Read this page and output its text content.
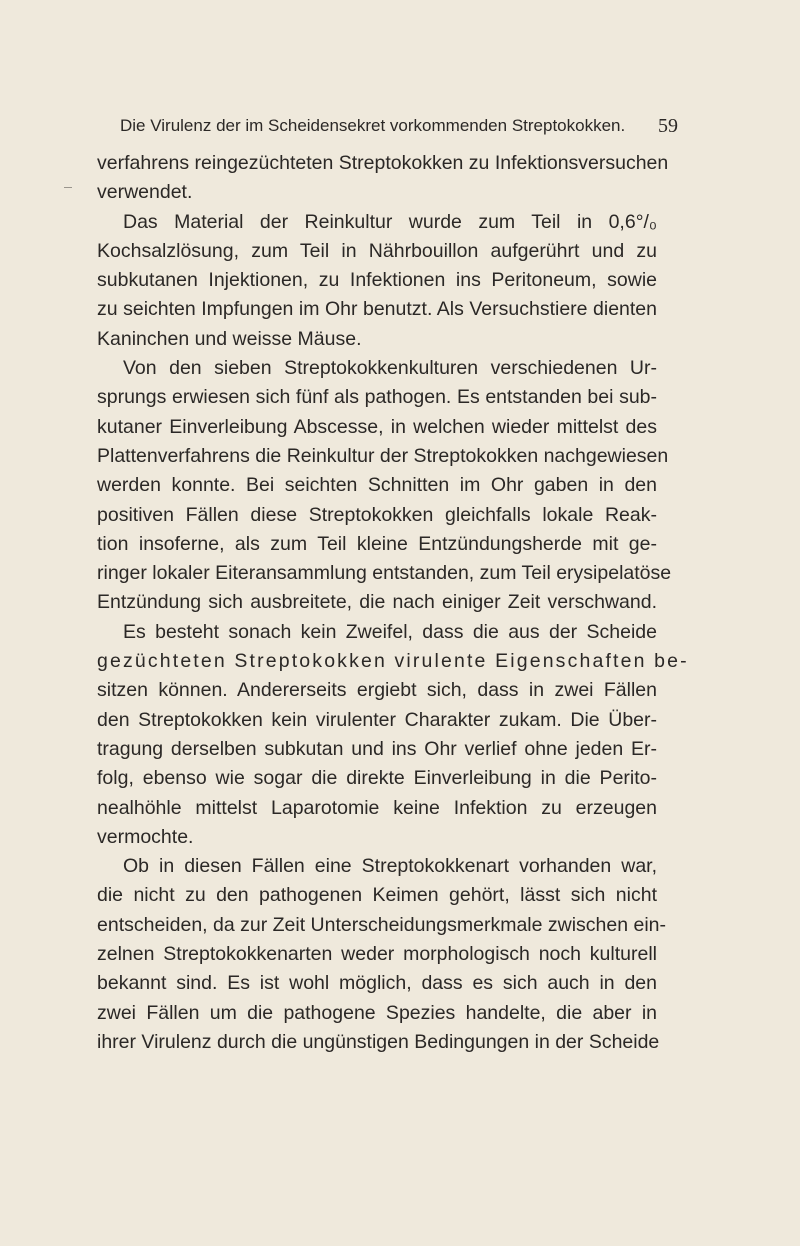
Die Virulenz der im Scheidensekret vorkommenden Streptokokken. 59
verfahrens reingezüchteten Streptokokken zu Infektionsversuchen
verwendet.
Das Material der Reinkultur wurde zum Teil in 0,6°/₀
Kochsalzlösung, zum Teil in Nährbouillon aufgerührt und zu
subkutanen Injektionen, zu Infektionen ins Peritoneum, sowie
zu seichten Impfungen im Ohr benutzt. Als Versuchstiere dienten
Kaninchen und weisse Mäuse.
Von den sieben Streptokokkenkulturen verschiedenen Ur-
sprungs erwiesen sich fünf als pathogen. Es entstanden bei sub-
kutaner Einverleibung Abscesse, in welchen wieder mittelst des
Plattenverfahrens die Reinkultur der Streptokokken nachgewiesen
werden konnte. Bei seichten Schnitten im Ohr gaben in den
positiven Fällen diese Streptokokken gleichfalls lokale Reak-
tion insoferne, als zum Teil kleine Entzündungsherde mit ge-
ringer lokaler Eiteransammlung entstanden, zum Teil erysipelatöse
Entzündung sich ausbreitete, die nach einiger Zeit verschwand.
Es besteht sonach kein Zweifel, dass die aus der Scheide
gezüchteten Streptokokken virulente Eigenschaften be-
sitzen können. Andererseits ergiebt sich, dass in zwei Fällen
den Streptokokken kein virulenter Charakter zukam. Die Über-
tragung derselben subkutan und ins Ohr verlief ohne jeden Er-
folg, ebenso wie sogar die direkte Einverleibung in die Perito-
nealhöhle mittelst Laparotomie keine Infektion zu erzeugen
vermochte.
Ob in diesen Fällen eine Streptokokkenart vorhanden war,
die nicht zu den pathogenen Keimen gehört, lässt sich nicht
entscheiden, da zur Zeit Unterscheidungsmerkmale zwischen ein-
zelnen Streptokokkenarten weder morphologisch noch kulturell
bekannt sind. Es ist wohl möglich, dass es sich auch in den
zwei Fällen um die pathogene Spezies handelte, die aber in
ihrer Virulenz durch die ungünstigen Bedingungen in der Scheide
